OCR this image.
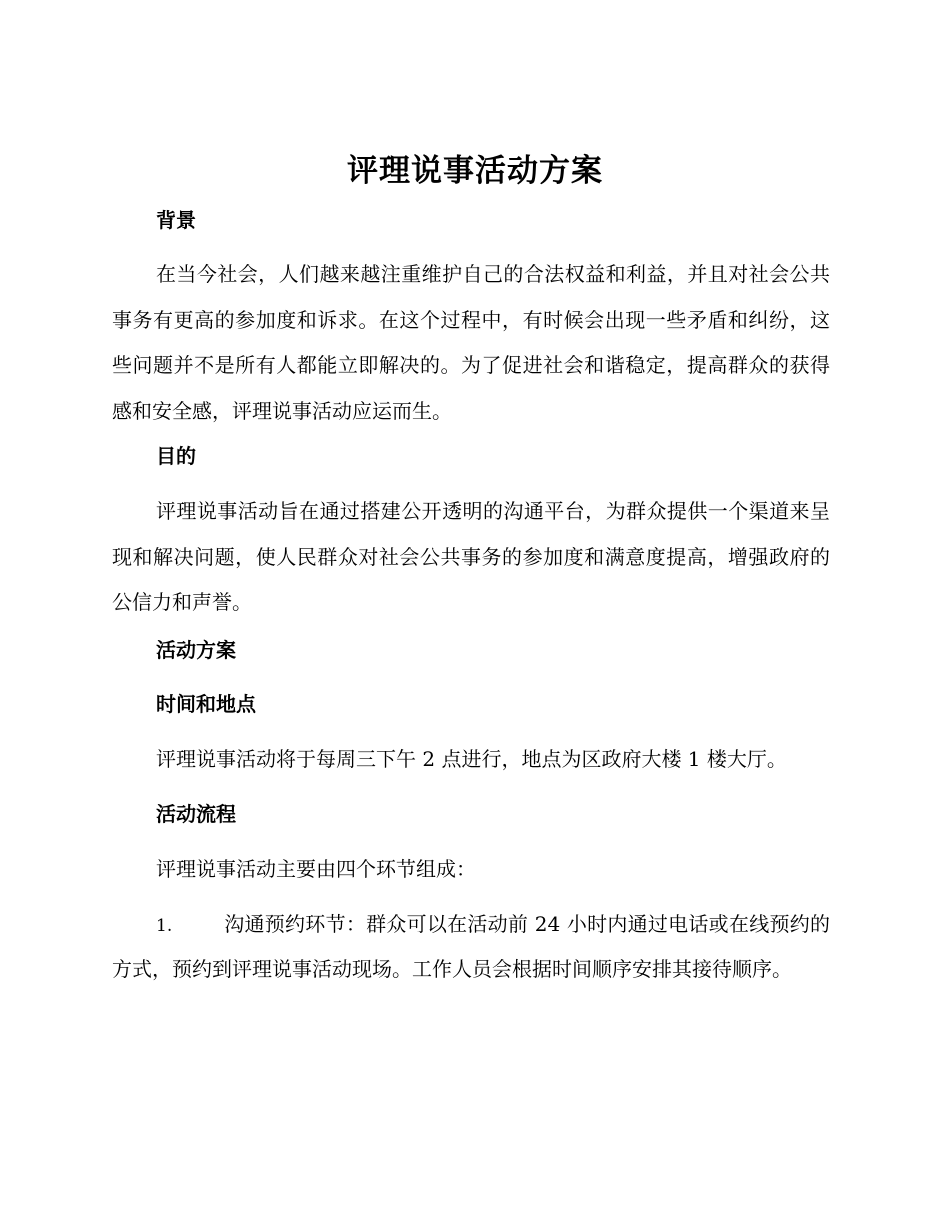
评理说事活动方案
背景

在当今社会，人们越来越注重维护自己的合法权益和利益，并且对社会公共事务有更高的参加度和诉求。在这个过程中，有时候会出现一些矛盾和纠纷，这些问题并不是所有人都能立即解决的。为了促进社会和谐稳定，提高群众的获得感和安全感，评理说事活动应运而生。

目的

评理说事活动旨在通过搭建公开透明的沟通平台，为群众提供一个渠道来呈现和解决问题，使人民群众对社会公共事务的参加度和满意度提高，增强政府的公信力和声誉。

活动方案
时间和地点

评理说事活动将于每周三下午 2 点进行，地点为区政府大楼 1 楼大厅。

活动流程

评理说事活动主要由四个环节组成：

1.	沟通预约环节：群众可以在活动前 24 小时内通过电话或在线预约的方式，预约到评理说事活动现场。工作人员会根据时间顺序安排其接待顺序。
